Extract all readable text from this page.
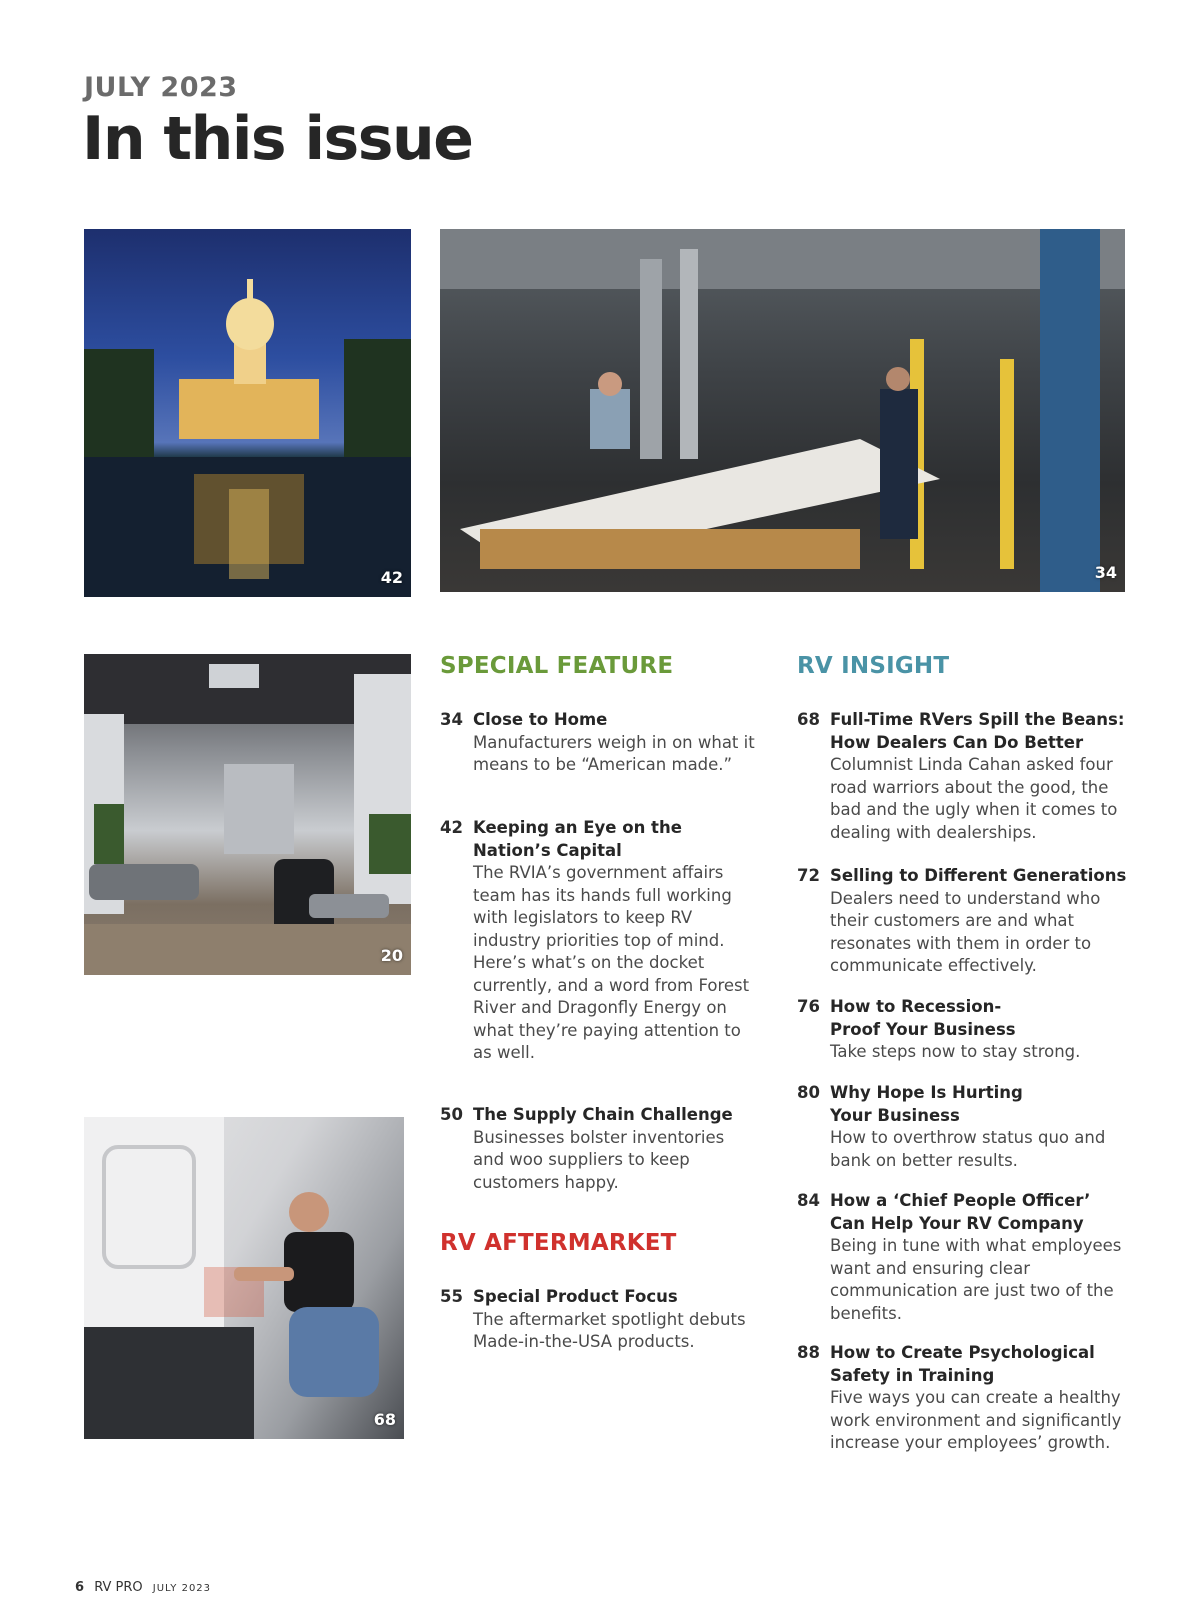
JULY 2023
In this issue
42	34
20
68
SPECIAL FEATURE
34 Close to Home
Manufacturers weigh in on what it means to be “American made.”
42 Keeping an Eye on the Nation’s Capital
The RVIA’s government affairs team has its hands full working with legislators to keep RV industry priorities top of mind. Here’s what’s on the docket currently, and a word from Forest River and Dragonfly Energy on what they’re paying attention to as well.
50 The Supply Chain Challenge
Businesses bolster inventories and woo suppliers to keep customers happy.
RV AFTERMARKET
55 Special Product Focus
The aftermarket spotlight debuts Made-in-the-USA products.
RV INSIGHT
68 Full-Time RVers Spill the Beans: How Dealers Can Do Better
Columnist Linda Cahan asked four road warriors about the good, the bad and the ugly when it comes to dealing with dealerships.
72 Selling to Different Generations
Dealers need to understand who their customers are and what resonates with them in order to communicate effectively.
76 How to Recession-Proof Your Business
Take steps now to stay strong.
80 Why Hope Is Hurting Your Business
How to overthrow status quo and bank on better results.
84 How a ‘Chief People Officer’ Can Help Your RV Company
Being in tune with what employees want and ensuring clear communication are just two of the benefits.
88 How to Create Psychological Safety in Training
Five ways you can create a healthy work environment and significantly increase your employees’ growth.
6 RV PRO JULY 2023
